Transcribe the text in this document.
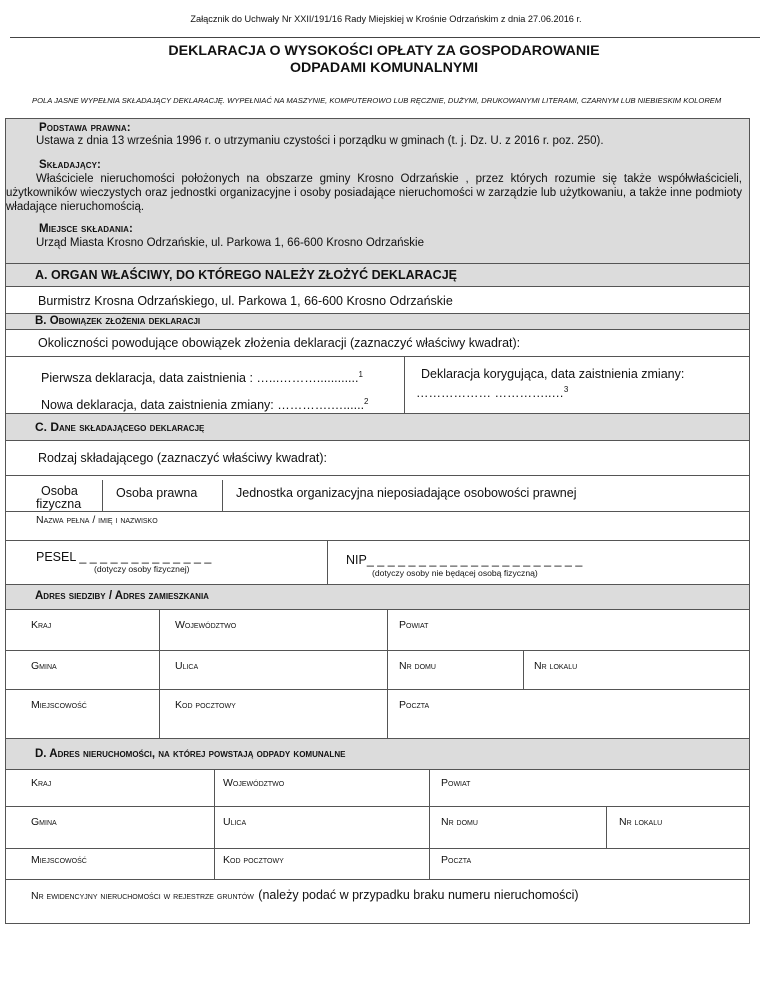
Załącznik do Uchwały Nr XXII/191/16 Rady Miejskiej w Krośnie Odrzańskim z dnia 27.06.2016 r.
DEKLARACJA O WYSOKOŚCI OPŁATY ZA GOSPODAROWANIE
ODPADAMI KOMUNALNYMI
POLA JASNE WYPEŁNIA SKŁADAJĄCY DEKLARACJĘ. WYPEŁNIAĆ NA MASZYNIE, KOMPUTEROWO LUB RĘCZNIE, DUŻYMI, DRUKOWANYMI LITERAMI, CZARNYM LUB NIEBIESKIM KOLOREM
Podstawa prawna:
Ustawa z dnia 13 września 1996 r. o utrzymaniu czystości i porządku w gminach (t. j. Dz. U. z 2016 r. poz. 250).
Składający:
Właściciele nieruchomości położonych na obszarze gminy Krosno Odrzańskie , przez których rozumie się także współwłaścicieli, użytkowników wieczystych oraz jednostki organizacyjne i osoby posiadające nieruchomości w zarządzie lub użytkowaniu, a także inne podmioty władające nieruchomością.
Miejsce składania:
Urząd Miasta Krosno Odrzańskie, ul. Parkowa 1, 66-600 Krosno Odrzańskie
A. ORGAN WŁAŚCIWY, DO KTÓREGO NALEŻY ZŁOŻYĆ DEKLARACJĘ
Burmistrz Krosna Odrzańskiego, ul. Parkowa 1, 66-600 Krosno Odrzańskie
B. Obowiązek złożenia deklaracji
Okoliczności powodujące obowiązek złożenia deklaracji (zaznaczyć właściwy kwadrat):
Pierwsza deklaracja, data zaistnienia : …...………............$^1$
Nowa deklaracja, data zaistnienia zmiany: ………….…......$^2$
Deklaracja korygująca, data zaistnienia zmiany:
……………… …………..…$^3$
C. Dane składającego deklarację
Rodzaj składającego (zaznaczyć właściwy kwadrat):
Osoba
fizyczna
Osoba prawna	Jednostka organizacyjna nieposiadające osobowości prawnej
Nazwa pełna / imię i nazwisko
PESEL _ _ _ _ _ _ _ _ _ _ _ _ _
(dotyczy osoby fizycznej)
NIP_ _ _ _ _ _ _ _ _ _ _ _ _ _ _ _ _ _ _ _ _
(dotyczy osoby nie będącej osobą fizyczną)
Adres siedziby / Adres zamieszkania
Kraj	Województwo	Powiat
Gmina	Ulica	Nr domu	Nr lokalu
Miejscowość	Kod pocztowy	Poczta
D. Adres nieruchomości, na której powstają odpady komunalne
Kraj	Województwo	Powiat
Gmina	Ulica	Nr domu	Nr lokalu
Miejscowość	Kod pocztowy	Poczta
Nr ewidencyjny nieruchomości w rejestrze gruntów (należy podać w przypadku braku numeru nieruchomości)
